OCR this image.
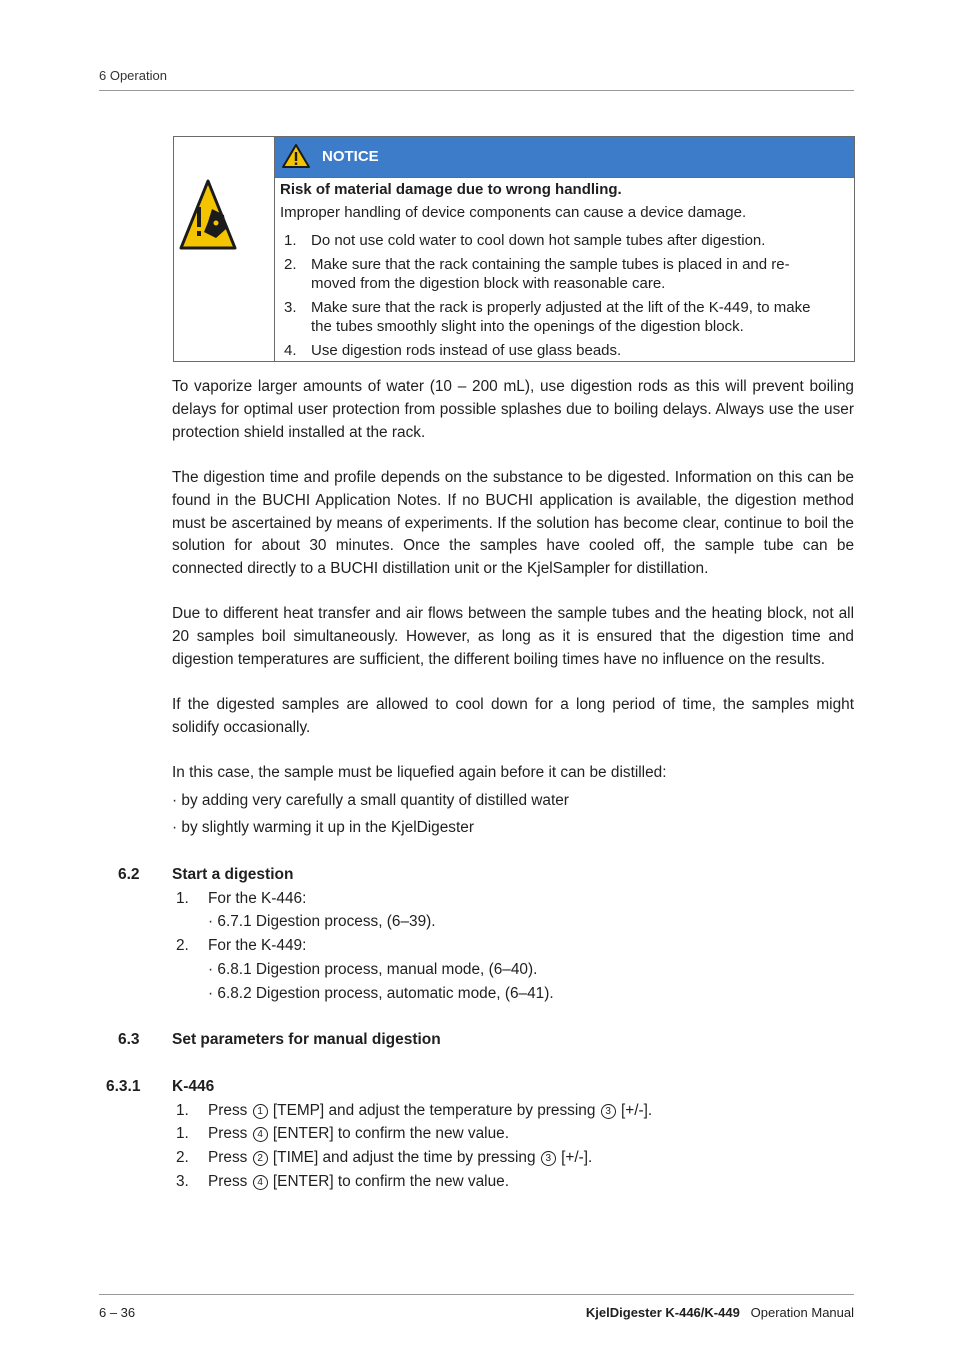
6 Operation
NOTICE
Risk of material damage due to wrong handling.
Improper handling of device components can cause a device damage.
1. Do not use cold water to cool down hot sample tubes after digestion.
2. Make sure that the rack containing the sample tubes is placed in and re-
moved from the digestion block with reasonable care.
3. Make sure that the rack is properly adjusted at the lift of the K-449, to make
the tubes smoothly slight into the openings of the digestion block.
4. Use digestion rods instead of use glass beads.
To vaporize larger amounts of water (10 – 200 mL), use digestion rods as this will prevent boiling delays for optimal user protection from possible splashes due to boiling delays. Always use the user protection shield installed at the rack.
The digestion time and profile depends on the substance to be digested. Information on this can be found in the BUCHI Application Notes. If no BUCHI application is available, the digestion method must be ascertained by means of experiments. If the solution has become clear, continue to boil the solution for about 30 minutes. Once the samples have cooled off, the sample tube can be connected directly to a BUCHI distillation unit or the KjelSampler for distillation.
Due to different heat transfer and air flows between the sample tubes and the heating block, not all 20 samples boil simultaneously. However, as long as it is ensured that the digestion time and digestion temperatures are sufficient, the different boiling times have no influence on the results.
If the digested samples are allowed to cool down for a long period of time, the samples might solidify occasionally.
In this case, the sample must be liquefied again before it can be distilled:
· by adding very carefully a small quantity of distilled water
· by slightly warming it up in the KjelDigester
6.2 Start a digestion
1. For the K-446:
· 6.7.1 Digestion process, (6–39).
2. For the K-449:
· 6.8.1 Digestion process, manual mode, (6–40).
· 6.8.2 Digestion process, automatic mode, (6–41).
6.3 Set parameters for manual digestion
6.3.1 K-446
1. Press 1 [TEMP] and adjust the temperature by pressing 3 [+/-].
1. Press 4 [ENTER] to confirm the new value.
2. Press 2 [TIME] and adjust the time by pressing 3 [+/-].
3. Press 4 [ENTER] to confirm the new value.
6 – 36	KjelDigester K-446/K-449 Operation Manual
